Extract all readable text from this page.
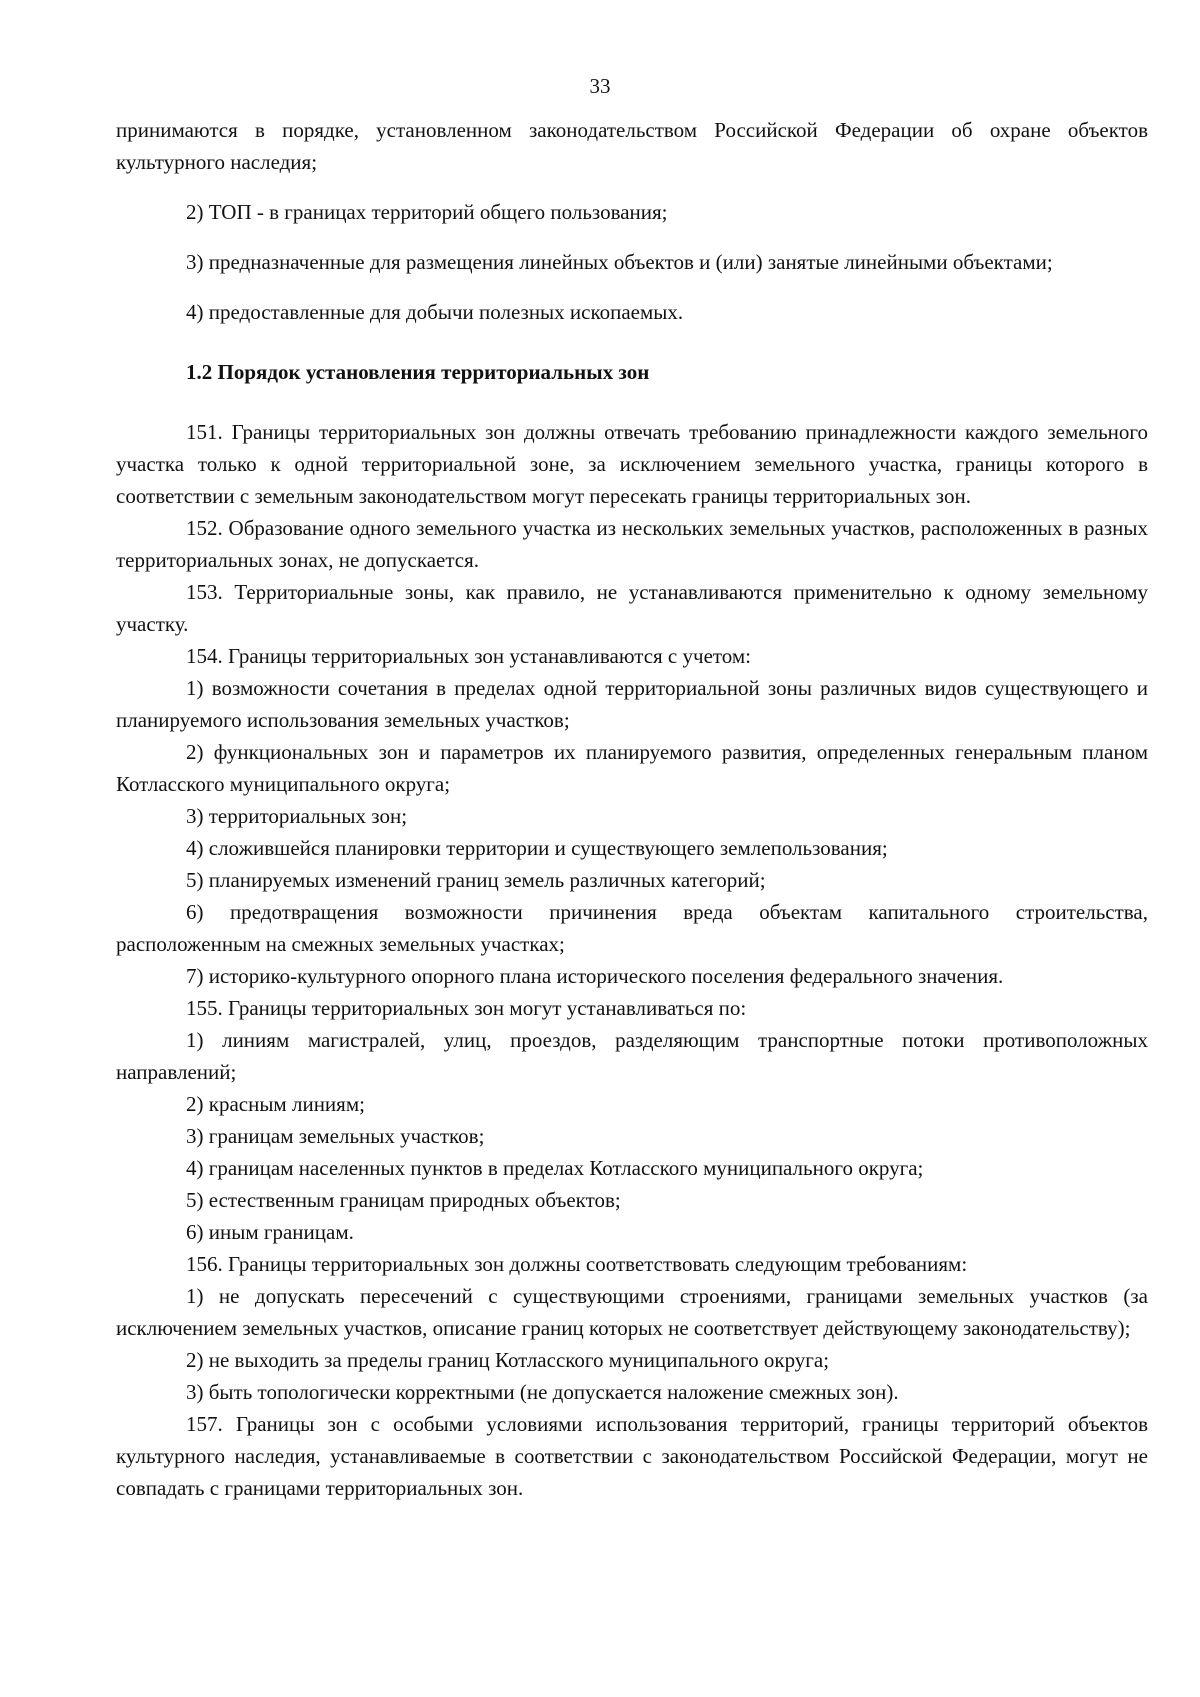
33

принимаются в порядке, установленном законодательством Российской Федерации об охране объектов культурного наследия;

2) ТОП - в границах территорий общего пользования;

3) предназначенные для размещения линейных объектов и (или) занятые линейными объектами;

4) предоставленные для добычи полезных ископаемых.

1.2 Порядок установления территориальных зон

151. Границы территориальных зон должны отвечать требованию принадлежности каждого земельного участка только к одной территориальной зоне, за исключением земельного участка, границы которого в соответствии с земельным законодательством могут пересекать границы территориальных зон.

152. Образование одного земельного участка из нескольких земельных участков, расположенных в разных территориальных зонах, не допускается.

153. Территориальные зоны, как правило, не устанавливаются применительно к одному земельному участку.

154. Границы территориальных зон устанавливаются с учетом:

1) возможности сочетания в пределах одной территориальной зоны различных видов существующего и планируемого использования земельных участков;

2) функциональных зон и параметров их планируемого развития, определенных генеральным планом Котласского муниципального округа;

3) территориальных зон;

4) сложившейся планировки территории и существующего землепользования;

5) планируемых изменений границ земель различных категорий;

6) предотвращения возможности причинения вреда объектам капитального строительства, расположенным на смежных земельных участках;

7) историко-культурного опорного плана исторического поселения федерального значения.

155. Границы территориальных зон могут устанавливаться по:

1) линиям магистралей, улиц, проездов, разделяющим транспортные потоки противоположных направлений;

2) красным линиям;

3) границам земельных участков;

4) границам населенных пунктов в пределах Котласского муниципального округа;

5) естественным границам природных объектов;

6) иным границам.

156. Границы территориальных зон должны соответствовать следующим требованиям:

1) не допускать пересечений с существующими строениями, границами земельных участков (за исключением земельных участков, описание границ которых не соответствует действующему законодательству);

2) не выходить за пределы границ Котласского муниципального округа;

3) быть топологически корректными (не допускается наложение смежных зон).

157. Границы зон с особыми условиями использования территорий, границы территорий объектов культурного наследия, устанавливаемые в соответствии с законодательством Российской Федерации, могут не совпадать с границами территориальных зон.
